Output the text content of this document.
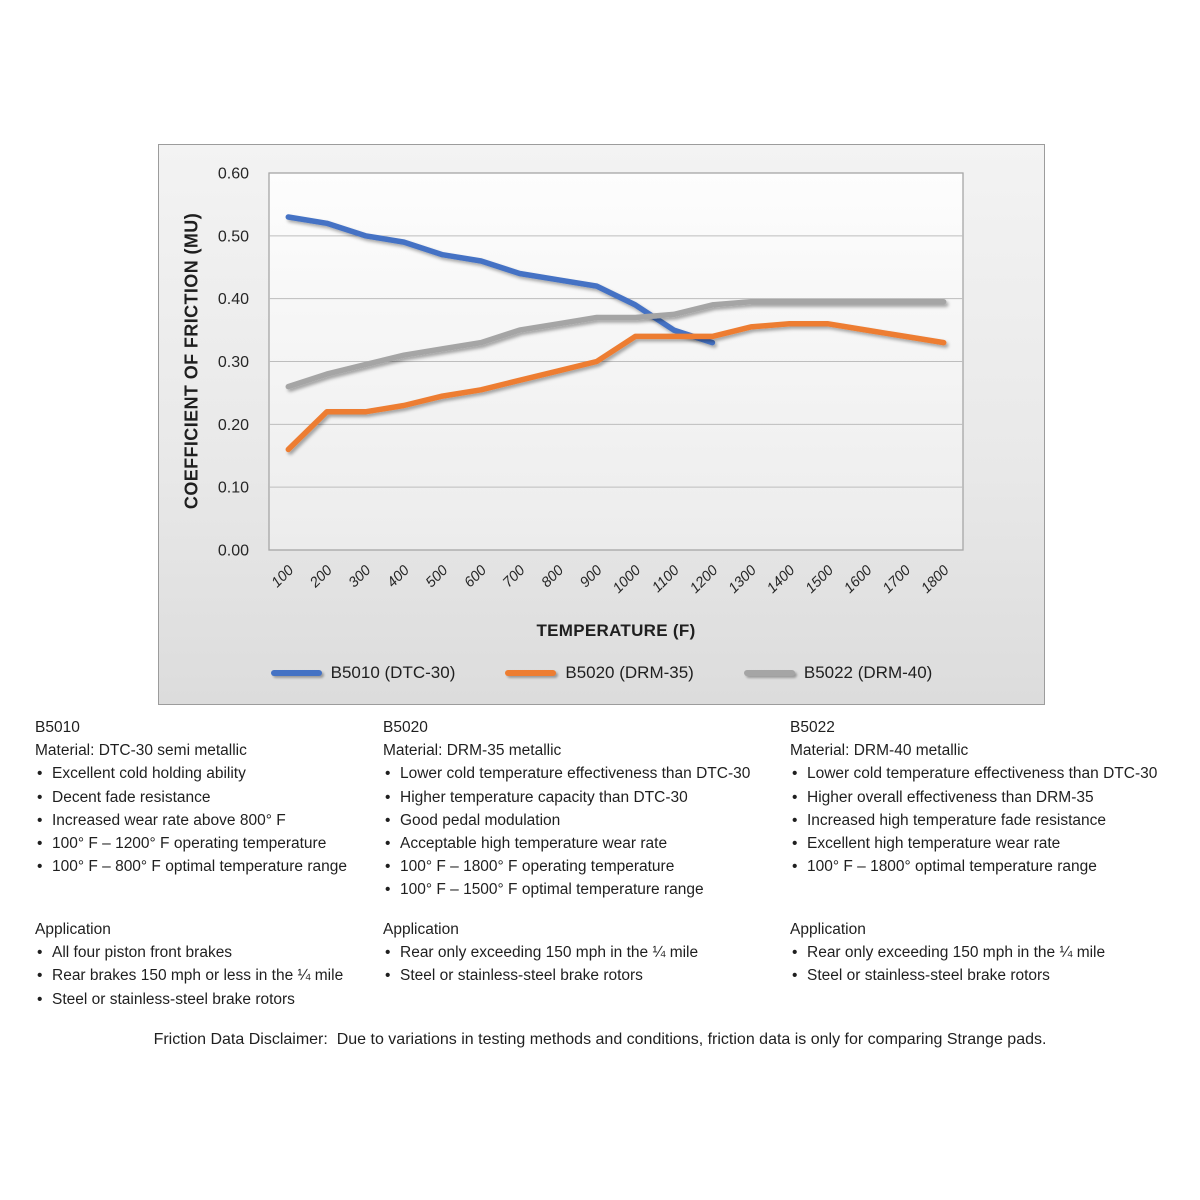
0.00
0.10
0.20
0.30
0.40
0.50
0.60
100 200 300 400 500 600 700 800 900 1000 1100 1200 1300 1400 1500 1600 1700 1800
COEFFICIENT OF FRICTION (MU)
TEMPERATURE (F)
B5010 (DTC-30)	B5020 (DRM-35)	B5022 (DRM-40)
B5010
Material: DTC-30 semi metallic
• Excellent cold holding ability
• Decent fade resistance
• Increased wear rate above 800° F
• 100° F – 1200° F operating temperature
• 100° F – 800° F optimal temperature range
Application
• All four piston front brakes
• Rear brakes 150 mph or less in the ¼ mile
• Steel or stainless-steel brake rotors
B5020
Material: DRM-35 metallic
• Lower cold temperature effectiveness than DTC-30
• Higher temperature capacity than DTC-30
• Good pedal modulation
• Acceptable high temperature wear rate
• 100° F – 1800° F operating temperature
• 100° F – 1500° F optimal temperature range
Application
• Rear only exceeding 150 mph in the ¼ mile
• Steel or stainless-steel brake rotors
B5022
Material: DRM-40 metallic
• Lower cold temperature effectiveness than DTC-30
• Higher overall effectiveness than DRM-35
• Increased high temperature fade resistance
• Excellent high temperature wear rate
• 100° F – 1800° optimal temperature range
Application
• Rear only exceeding 150 mph in the ¼ mile
• Steel or stainless-steel brake rotors
Friction Data Disclaimer:  Due to variations in testing methods and conditions, friction data is only for comparing Strange pads.
